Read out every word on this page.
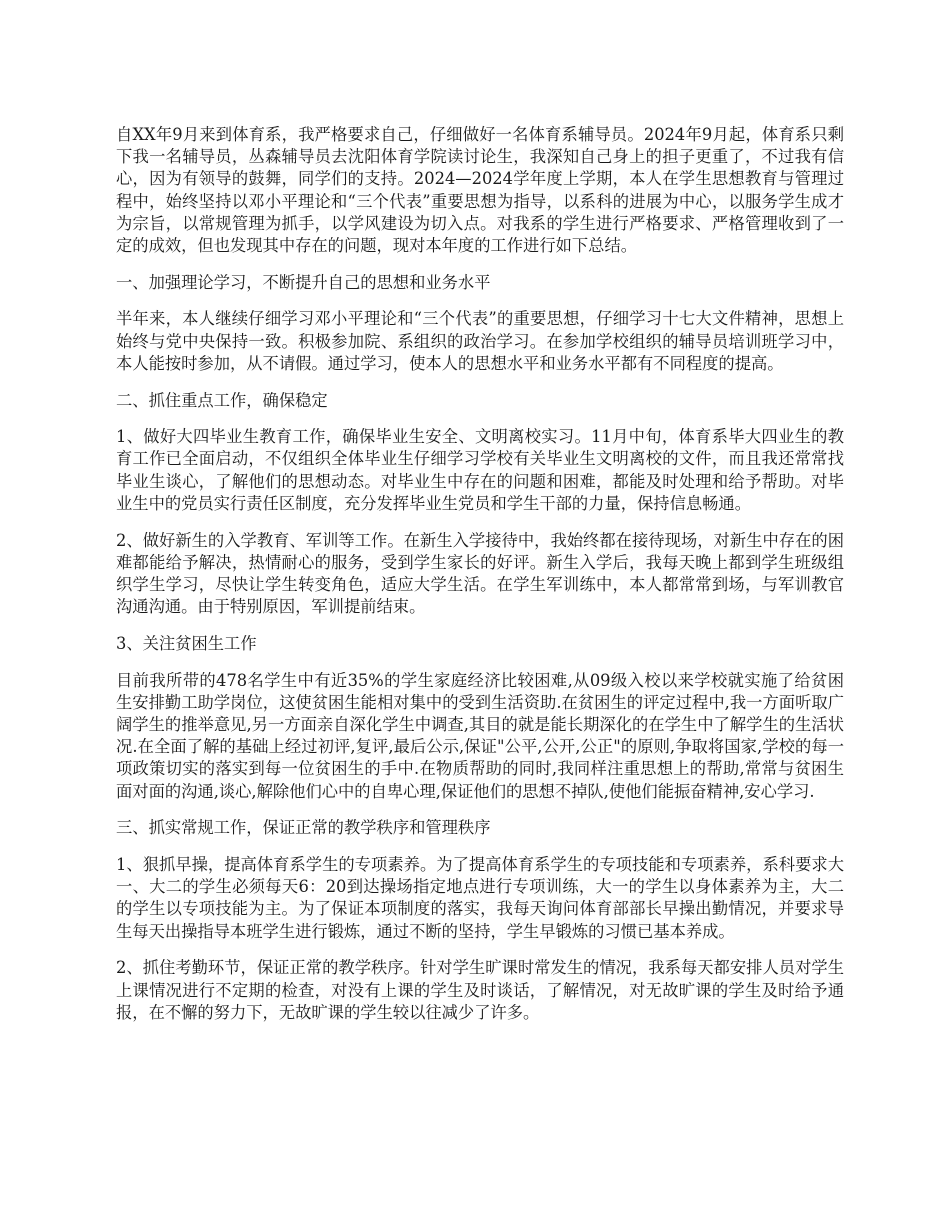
自XX年9月来到体育系，我严格要求自己，仔细做好一名体育系辅导员。2024年9月起，体育系只剩下我一名辅导员，丛森辅导员去沈阳体育学院读讨论生，我深知自己身上的担子更重了，不过我有信心，因为有领导的鼓舞，同学们的支持。2024—2024学年度上学期，本人在学生思想教育与管理过程中，始终坚持以邓小平理论和“三个代表”重要思想为指导，以系科的进展为中心，以服务学生成才为宗旨，以常规管理为抓手，以学风建设为切入点。对我系的学生进行严格要求、严格管理收到了一定的成效，但也发现其中存在的问题，现对本年度的工作进行如下总结。

一、加强理论学习，不断提升自己的思想和业务水平

半年来，本人继续仔细学习邓小平理论和“三个代表”的重要思想，仔细学习十七大文件精神，思想上始终与党中央保持一致。积极参加院、系组织的政治学习。在参加学校组织的辅导员培训班学习中，本人能按时参加，从不请假。通过学习，使本人的思想水平和业务水平都有不同程度的提高。

二、抓住重点工作，确保稳定

1、做好大四毕业生教育工作，确保毕业生安全、文明离校实习。11月中旬，体育系毕大四业生的教育工作已全面启动，不仅组织全体毕业生仔细学习学校有关毕业生文明离校的文件，而且我还常常找毕业生谈心，了解他们的思想动态。对毕业生中存在的问题和困难，都能及时处理和给予帮助。对毕业生中的党员实行责任区制度，充分发挥毕业生党员和学生干部的力量，保持信息畅通。

2、做好新生的入学教育、军训等工作。在新生入学接待中，我始终都在接待现场，对新生中存在的困难都能给予解决，热情耐心的服务，受到学生家长的好评。新生入学后，我每天晚上都到学生班级组织学生学习，尽快让学生转变角色，适应大学生活。在学生军训练中，本人都常常到场，与军训教官沟通沟通。由于特别原因，军训提前结束。

3、关注贫困生工作

目前我所带的478名学生中有近35%的学生家庭经济比较困难,从09级入校以来学校就实施了给贫困生安排勤工助学岗位，这使贫困生能相对集中的受到生活资助.在贫困生的评定过程中,我一方面听取广阔学生的推举意见,另一方面亲自深化学生中调查,其目的就是能长期深化的在学生中了解学生的生活状况.在全面了解的基础上经过初评,复评,最后公示,保证"公平,公开,公正"的原则,争取将国家,学校的每一项政策切实的落实到每一位贫困生的手中.在物质帮助的同时,我同样注重思想上的帮助,常常与贫困生面对面的沟通,谈心,解除他们心中的自卑心理,保证他们的思想不掉队,使他们能振奋精神,安心学习.

三、抓实常规工作，保证正常的教学秩序和管理秩序

1、狠抓早操，提高体育系学生的专项素养。为了提高体育系学生的专项技能和专项素养，系科要求大一、大二的学生必须每天6：20到达操场指定地点进行专项训练，大一的学生以身体素养为主，大二的学生以专项技能为主。为了保证本项制度的落实，我每天询问体育部部长早操出勤情况，并要求导生每天出操指导本班学生进行锻炼，通过不断的坚持，学生早锻炼的习惯已基本养成。

2、抓住考勤环节，保证正常的教学秩序。针对学生旷课时常发生的情况，我系每天都安排人员对学生上课情况进行不定期的检查，对没有上课的学生及时谈话，了解情况，对无故旷课的学生及时给予通报，在不懈的努力下，无故旷课的学生较以往减少了许多。
